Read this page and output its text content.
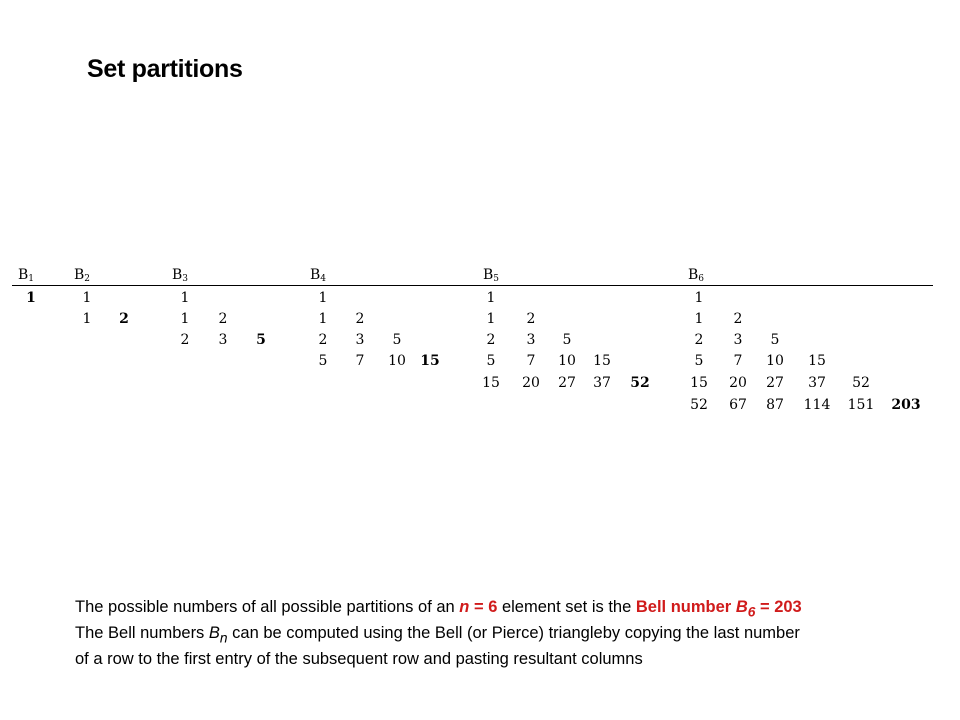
Set partitions
$B_1$
1
$B_2$
1
1 2
$B_3$
1
1 2
2 3 5
$B_4$
1
1 2
2 3 5
5 7 10 15
$B_5$
1
1 2
2 3 5
5 7 10 15
15 20 27 37 52
$B_6$
1
1 2
2 3 5
5 7 10 15
15 20 27 37 52
52 67 87 114 151 203
The possible numbers of all possible partitions of an n = 6 element set is the Bell number $B_6 = 203$
The Bell numbers $B_n$ can be computed using the Bell (or Pierce) triangleby copying the last number
of a row to the first entry of the subsequent row and pasting resultant columns
